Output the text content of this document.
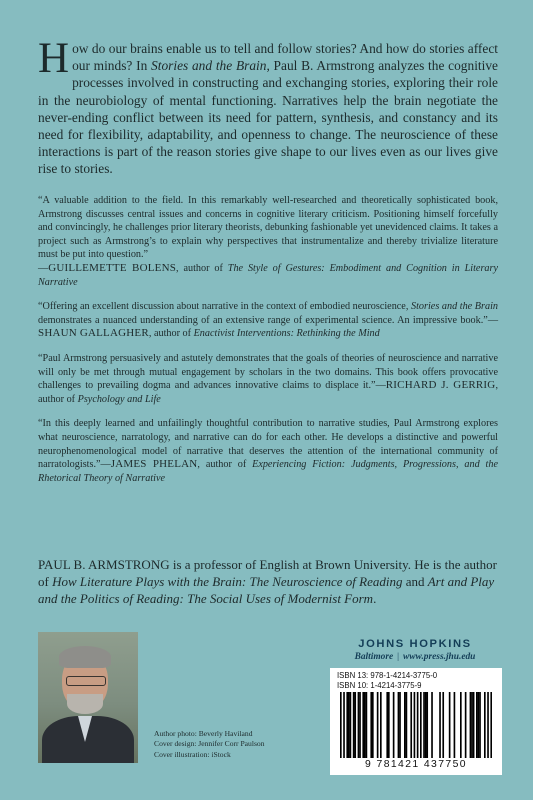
How do our brains enable us to tell and follow stories? And how do stories affect our minds? In Stories and the Brain, Paul B. Armstrong analyzes the cognitive processes involved in constructing and exchanging stories, exploring their role in the neurobiology of mental functioning. Narratives help the brain negotiate the never-ending conflict between its need for pattern, synthesis, and constancy and its need for flexibility, adaptability, and openness to change. The neuroscience of these interactions is part of the reason stories give shape to our lives even as our lives give rise to stories.

“A valuable addition to the field. In this remarkably well-researched and theoretically sophisticated book, Armstrong discusses central issues and concerns in cognitive literary criticism. Positioning himself forcefully and convincingly, he challenges prior literary theorists, debunking fashionable yet unevidenced claims. It takes a project such as Armstrong’s to explain why perspectives that instrumentalize and thereby trivialize literature must be put into question.”
—GUILLEMETTE BOLENS, author of The Style of Gestures: Embodiment and Cognition in Literary Narrative

“Offering an excellent discussion about narrative in the context of embodied neuroscience, Stories and the Brain demonstrates a nuanced understanding of an extensive range of experimental science. An impressive book.”—SHAUN GALLAGHER, author of Enactivist Interventions: Rethinking the Mind

“Paul Armstrong persuasively and astutely demonstrates that the goals of theories of neuroscience and narrative will only be met through mutual engagement by scholars in the two domains. This book offers provocative challenges to prevailing dogma and advances innovative claims to displace it.”—RICHARD J. GERRIG, author of Psychology and Life

“In this deeply learned and unfailingly thoughtful contribution to narrative studies, Paul Armstrong explores what neuroscience, narratology, and narrative can do for each other. He develops a distinctive and powerful neurophenomenological model of narrative that deserves the attention of the international community of narratologists.”—JAMES PHELAN, author of Experiencing Fiction: Judgments, Progressions, and the Rhetorical Theory of Narrative

PAUL B. ARMSTRONG is a professor of English at Brown University. He is the author of How Literature Plays with the Brain: The Neuroscience of Reading and Art and Play and the Politics of Reading: The Social Uses of Modernist Form.

Author photo: Beverly Haviland
Cover design: Jennifer Corr Paulson
Cover illustration: iStock
JOHNS HOPKINS
Baltimore | www.press.jhu.edu
ISBN 13: 978-1-4214-3775-0
ISBN 10: 1-4214-3775-9
9 781421 437750
